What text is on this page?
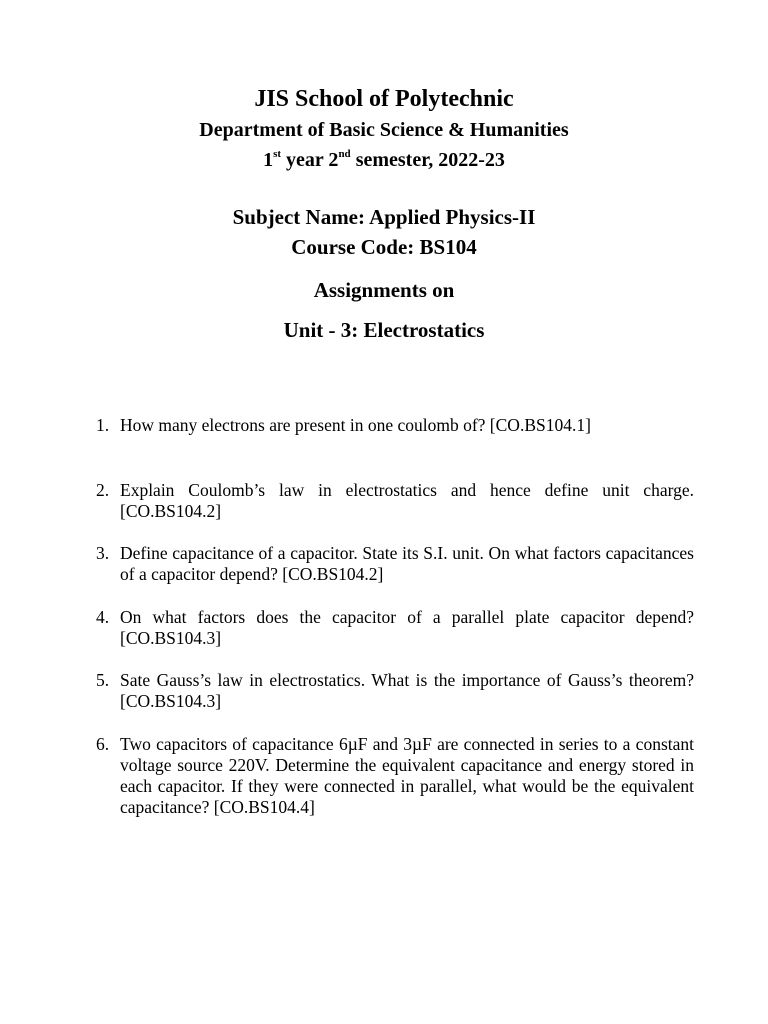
JIS School of Polytechnic
Department of Basic Science & Humanities
1st year 2nd semester, 2022-23
Subject Name: Applied Physics-II
Course Code: BS104
Assignments on
Unit - 3: Electrostatics
1. How many electrons are present in one coulomb of? [CO.BS104.1]
2. Explain Coulomb’s law in electrostatics and hence define unit charge. [CO.BS104.2]
3. Define capacitance of a capacitor. State its S.I. unit. On what factors capacitances of a capacitor depend? [CO.BS104.2]
4. On what factors does the capacitor of a parallel plate capacitor depend? [CO.BS104.3]
5. Sate Gauss’s law in electrostatics. What is the importance of Gauss’s theorem? [CO.BS104.3]
6. Two capacitors of capacitance 6µF and 3µF are connected in series to a constant voltage source 220V. Determine the equivalent capacitance and energy stored in each capacitor. If they were connected in parallel, what would be the equivalent capacitance? [CO.BS104.4]
